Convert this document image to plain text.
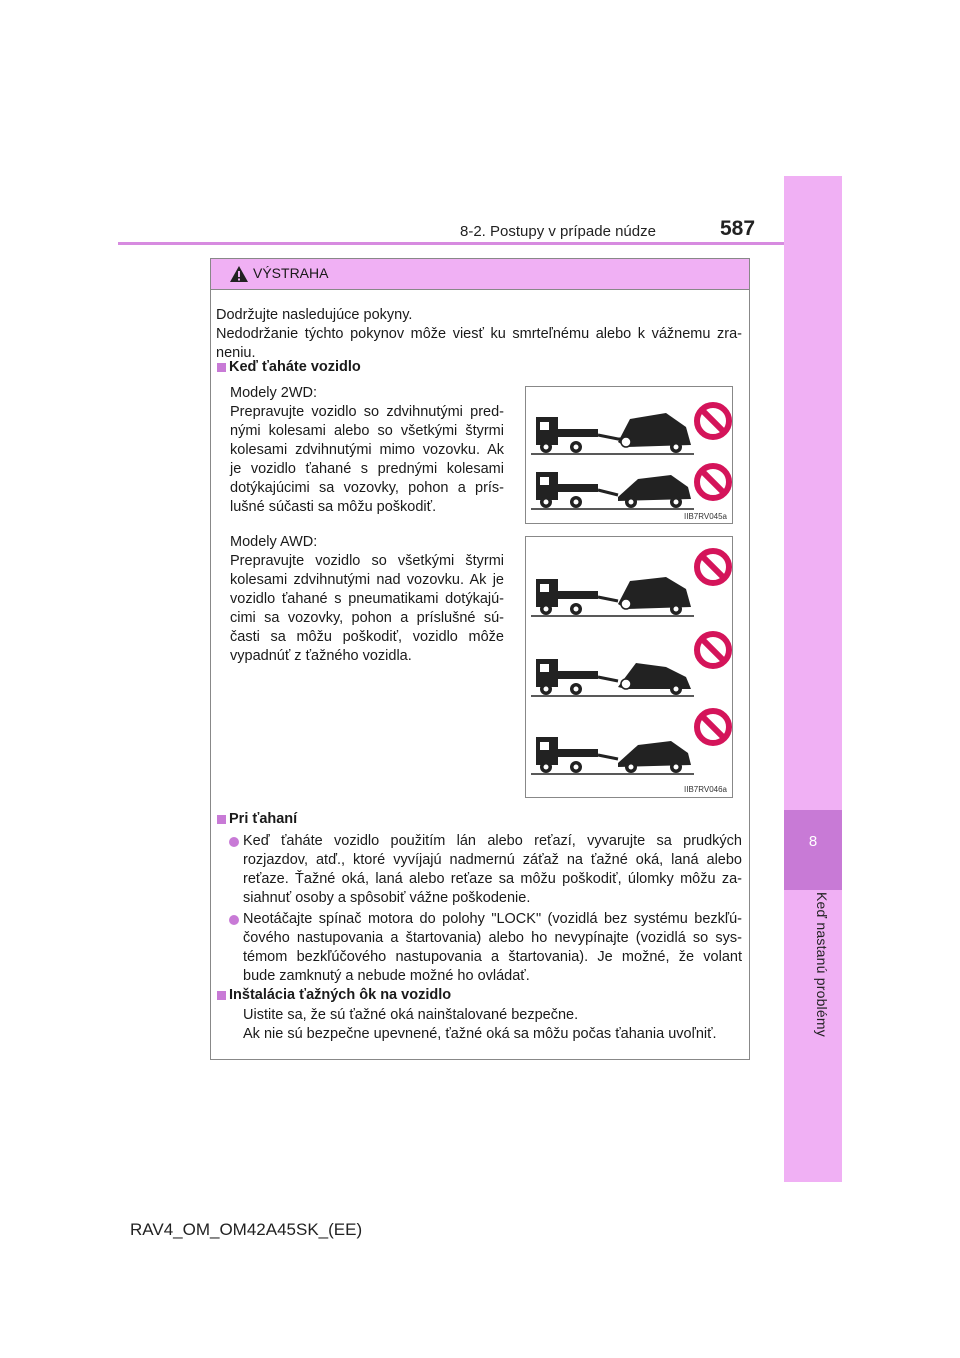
8
Keď nastanú problémy
8-2. Postupy v prípade núdze	587
VÝSTRAHA
Dodržujte nasledujúce pokyny.
Nedodržanie týchto pokynov môže viesť ku smrteľnému alebo k vážnemu zra-
neniu.
Keď ťaháte vozidlo
Modely 2WD:
Prepravujte vozidlo so zdvihnutými pred-
nými kolesami alebo so všetkými štyrmi
kolesami zdvihnutými mimo vozovku. Ak
je vozidlo ťahané s prednými kolesami
dotýkajúcimi sa vozovky, pohon a prís-
lušné súčasti sa môžu poškodiť.
IIB7RV045a
Modely AWD:
Prepravujte vozidlo so všetkými štyrmi
kolesami zdvihnutými nad vozovku. Ak je
vozidlo ťahané s pneumatikami dotýkajú-
cimi sa vozovky, pohon a príslušné sú-
časti sa môžu poškodiť, vozidlo môže
vypadnúť z ťažného vozidla.
IIB7RV046a
Pri ťahaní
Keď ťaháte vozidlo použitím lán alebo reťazí, vyvarujte sa prudkých
rozjazdov, atď., ktoré vyvíjajú nadmernú záťaž na ťažné oká, laná alebo
reťaze. Ťažné oká, laná alebo reťaze sa môžu poškodiť, úlomky môžu za-
siahnuť osoby a spôsobiť vážne poškodenie.
Neotáčajte spínač motora do polohy "LOCK" (vozidlá bez systému bezkľú-
čového nastupovania a štartovania) alebo ho nevypínajte (vozidlá so sys-
témom bezkľúčového nastupovania a štartovania). Je možné, že volant
bude zamknutý a nebude možné ho ovládať.
Inštalácia ťažných ôk na vozidlo
Uistite sa, že sú ťažné oká nainštalované bezpečne.
Ak nie sú bezpečne upevnené, ťažné oká sa môžu počas ťahania uvoľniť.
RAV4_OM_OM42A45SK_(EE)
